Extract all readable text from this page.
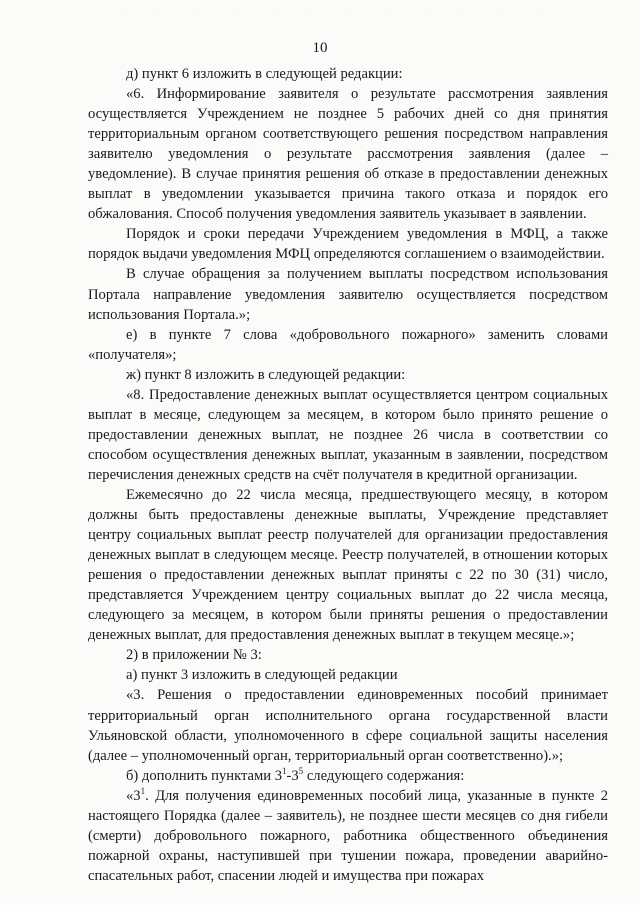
10

д) пункт 6 изложить в следующей редакции:

«6. Информирование заявителя о результате рассмотрения заявления осуществляется Учреждением не позднее 5 рабочих дней со дня принятия территориальным органом соответствующего решения посредством направления заявителю уведомления о результате рассмотрения заявления (далее – уведомление). В случае принятия решения об отказе в предоставлении денежных выплат в уведомлении указывается причина такого отказа и порядок его обжалования. Способ получения уведомления заявитель указывает в заявлении.

Порядок и сроки передачи Учреждением уведомления в МФЦ, а также порядок выдачи уведомления МФЦ определяются соглашением о взаимодействии.

В случае обращения за получением выплаты посредством использования Портала направление уведомления заявителю осуществляется посредством использования Портала.»;

е) в пункте 7 слова «добровольного пожарного» заменить словами «получателя»;

ж) пункт 8 изложить в следующей редакции:

«8. Предоставление денежных выплат осуществляется центром социальных выплат в месяце, следующем за месяцем, в котором было принято решение о предоставлении денежных выплат, не позднее 26 числа в соответствии со способом осуществления денежных выплат, указанным в заявлении, посредством перечисления денежных средств на счёт получателя в кредитной организации.

Ежемесячно до 22 числа месяца, предшествующего месяцу, в котором должны быть предоставлены денежные выплаты, Учреждение представляет центру социальных выплат реестр получателей для организации предоставления денежных выплат в следующем месяце. Реестр получателей, в отношении которых решения о предоставлении денежных выплат приняты с 22 по 30 (31) число, представляется Учреждением центру социальных выплат до 22 числа месяца, следующего за месяцем, в котором были приняты решения о предоставлении денежных выплат, для предоставления денежных выплат в текущем месяце.»;

2) в приложении № 3:

а) пункт 3 изложить в следующей редакции

«3. Решения о предоставлении единовременных пособий принимает территориальный орган исполнительного органа государственной власти Ульяновской области, уполномоченного в сфере социальной защиты населения (далее – уполномоченный орган, территориальный орган соответственно).»;

б) дополнить пунктами $3^1-3^5$ следующего содержания:

«$3^1$. Для получения единовременных пособий лица, указанные в пункте 2 настоящего Порядка (далее – заявитель), не позднее шести месяцев со дня гибели (смерти) добровольного пожарного, работника общественного объединения пожарной охраны, наступившей при тушении пожара, проведении аварийно-спасательных работ, спасении людей и имущества при пожарах
